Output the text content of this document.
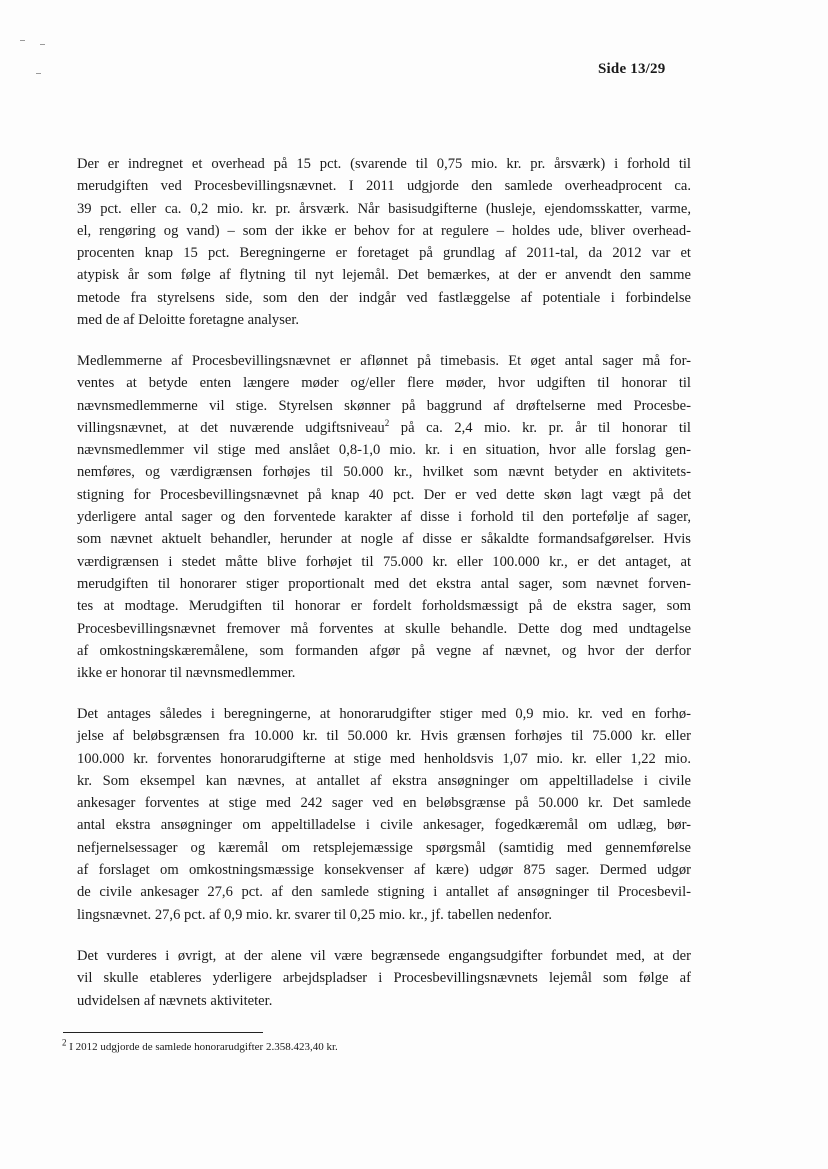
Side 13/29

Der er indregnet et overhead på 15 pct. (svarende til 0,75 mio. kr. pr. årsværk) i forhold til
merudgiften ved Procesbevillingsnævnet. I 2011 udgjorde den samlede overheadprocent ca.
39 pct. eller ca. 0,2 mio. kr. pr. årsværk. Når basisudgifterne (husleje, ejendomsskatter, varme,
el, rengøring og vand) – som der ikke er behov for at regulere – holdes ude, bliver overhead-
procenten knap 15 pct. Beregningerne er foretaget på grundlag af 2011-tal, da 2012 var et
atypisk år som følge af flytning til nyt lejemål. Det bemærkes, at der er anvendt den samme
metode fra styrelsens side, som den der indgår ved fastlæggelse af potentiale i forbindelse
med de af Deloitte foretagne analyser.

Medlemmerne af Procesbevillingsnævnet er aflønnet på timebasis. Et øget antal sager må for-
ventes at betyde enten længere møder og/eller flere møder, hvor udgiften til honorar til
nævnsmedlemmerne vil stige. Styrelsen skønner på baggrund af drøftelserne med Procesbe-
villingsnævnet, at det nuværende udgiftsniveau$^2$ på ca. 2,4 mio. kr. pr. år til honorar til
nævnsmedlemmer vil stige med anslået 0,8-1,0 mio. kr. i en situation, hvor alle forslag gen-
nemføres, og værdigrænsen forhøjes til 50.000 kr., hvilket som nævnt betyder en aktivitets-
stigning for Procesbevillingsnævnet på knap 40 pct. Der er ved dette skøn lagt vægt på det
yderligere antal sager og den forventede karakter af disse i forhold til den portefølje af sager,
som nævnet aktuelt behandler, herunder at nogle af disse er såkaldte formandsafgørelser. Hvis
værdigrænsen i stedet måtte blive forhøjet til 75.000 kr. eller 100.000 kr., er det antaget, at
merudgiften til honorarer stiger proportionalt med det ekstra antal sager, som nævnet forven-
tes at modtage. Merudgiften til honorar er fordelt forholdsmæssigt på de ekstra sager, som
Procesbevillingsnævnet fremover må forventes at skulle behandle. Dette dog med undtagelse
af omkostningskæremålene, som formanden afgør på vegne af nævnet, og hvor der derfor
ikke er honorar til nævnsmedlemmer.

Det antages således i beregningerne, at honorarudgifter stiger med 0,9 mio. kr. ved en forhø-
jelse af beløbsgrænsen fra 10.000 kr. til 50.000 kr. Hvis grænsen forhøjes til 75.000 kr. eller
100.000 kr. forventes honorarudgifterne at stige med henholdsvis 1,07 mio. kr. eller 1,22 mio.
kr. Som eksempel kan nævnes, at antallet af ekstra ansøgninger om appeltilladelse i civile
ankesager forventes at stige med 242 sager ved en beløbsgrænse på 50.000 kr. Det samlede
antal ekstra ansøgninger om appeltilladelse i civile ankesager, fogedkæremål om udlæg, bør-
nefjernelsessager og kæremål om retsplejemæssige spørgsmål (samtidig med gennemførelse
af forslaget om omkostningsmæssige konsekvenser af kære) udgør 875 sager. Dermed udgør
de civile ankesager 27,6 pct. af den samlede stigning i antallet af ansøgninger til Procesbevil-
lingsnævnet. 27,6 pct. af 0,9 mio. kr. svarer til 0,25 mio. kr., jf. tabellen nedenfor.

Det vurderes i øvrigt, at der alene vil være begrænsede engangsudgifter forbundet med, at der
vil skulle etableres yderligere arbejdspladser i Procesbevillingsnævnets lejemål som følge af
udvidelsen af nævnets aktiviteter.

$^2$ I 2012 udgjorde de samlede honorarudgifter 2.358.423,40 kr.
